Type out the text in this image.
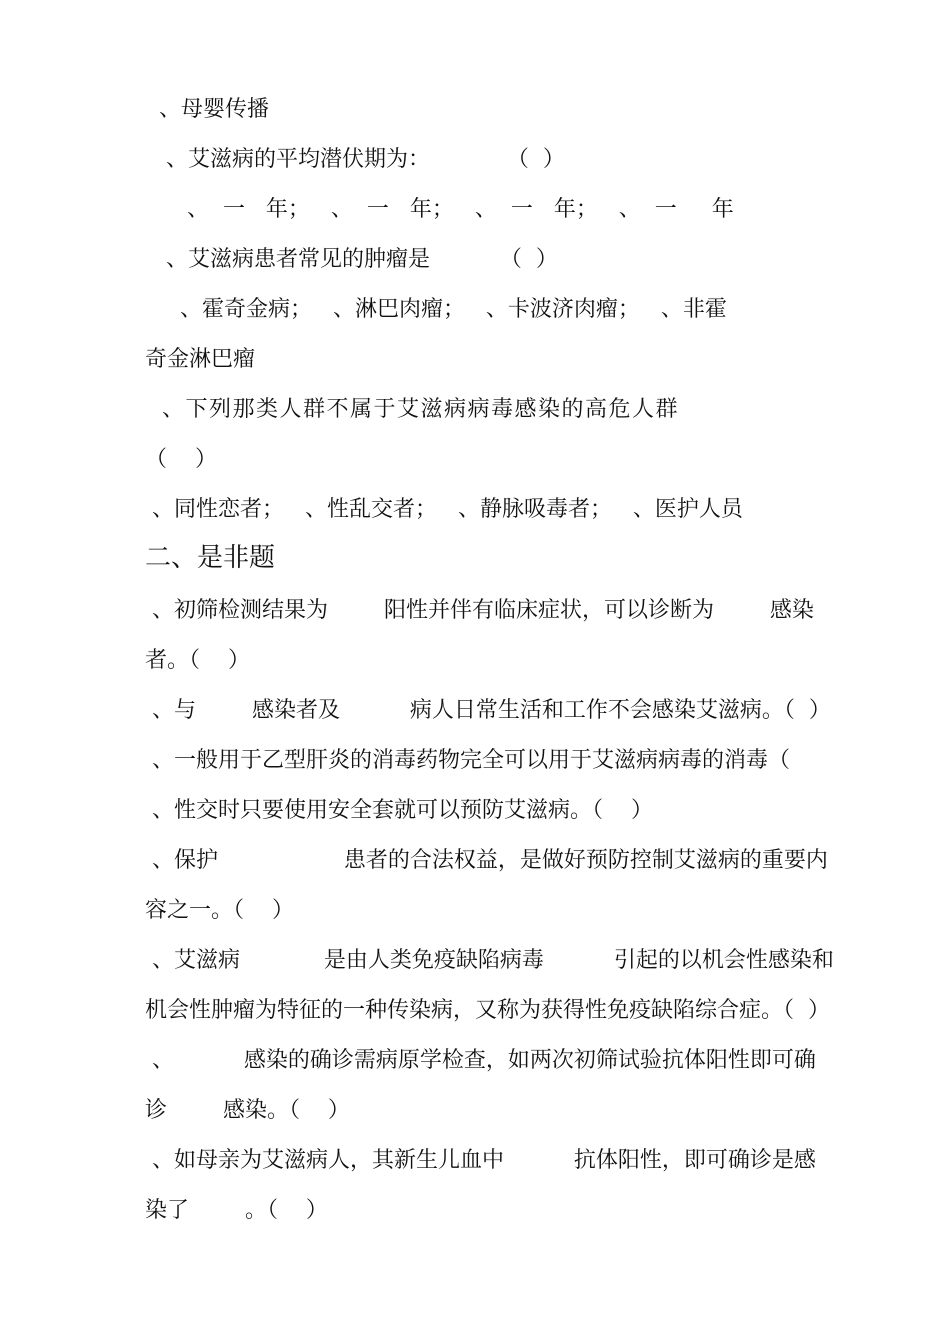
、母婴传播
、艾滋病的平均潜伏期为：           （  ）
、  一   年；   、  一   年；   、  一   年；   、  一     年
、艾滋病患者常见的肿瘤是          （  ）
、霍奇金病；   、淋巴肉瘤；   、卡波济肉瘤；   、非霍
奇金淋巴瘤
、下列那类人群不属于艾滋病病毒感染的高危人群
（    ）
、同性恋者；   、性乱交者；   、静脉吸毒者；   、医护人员
二、是非题
、初筛检测结果为        阳性并伴有临床症状，可以诊断为        感染
者。（    ）
、与        感染者及          病人日常生活和工作不会感染艾滋病。（  ）
、一般用于乙型肝炎的消毒药物完全可以用于艾滋病病毒的消毒（
、性交时只要使用安全套就可以预防艾滋病。（    ）
、保护                  患者的合法权益，是做好预防控制艾滋病的重要内
容之一。（    ）
、艾滋病            是由人类免疫缺陷病毒          引起的以机会性感染和
机会性肿瘤为特征的一种传染病，又称为获得性免疫缺陷综合症。（  ）
、          感染的确诊需病原学检查，如两次初筛试验抗体阳性即可确
诊        感染。（    ）
、如母亲为艾滋病人，其新生儿血中          抗体阳性，即可确诊是感
染了        。（    ）
